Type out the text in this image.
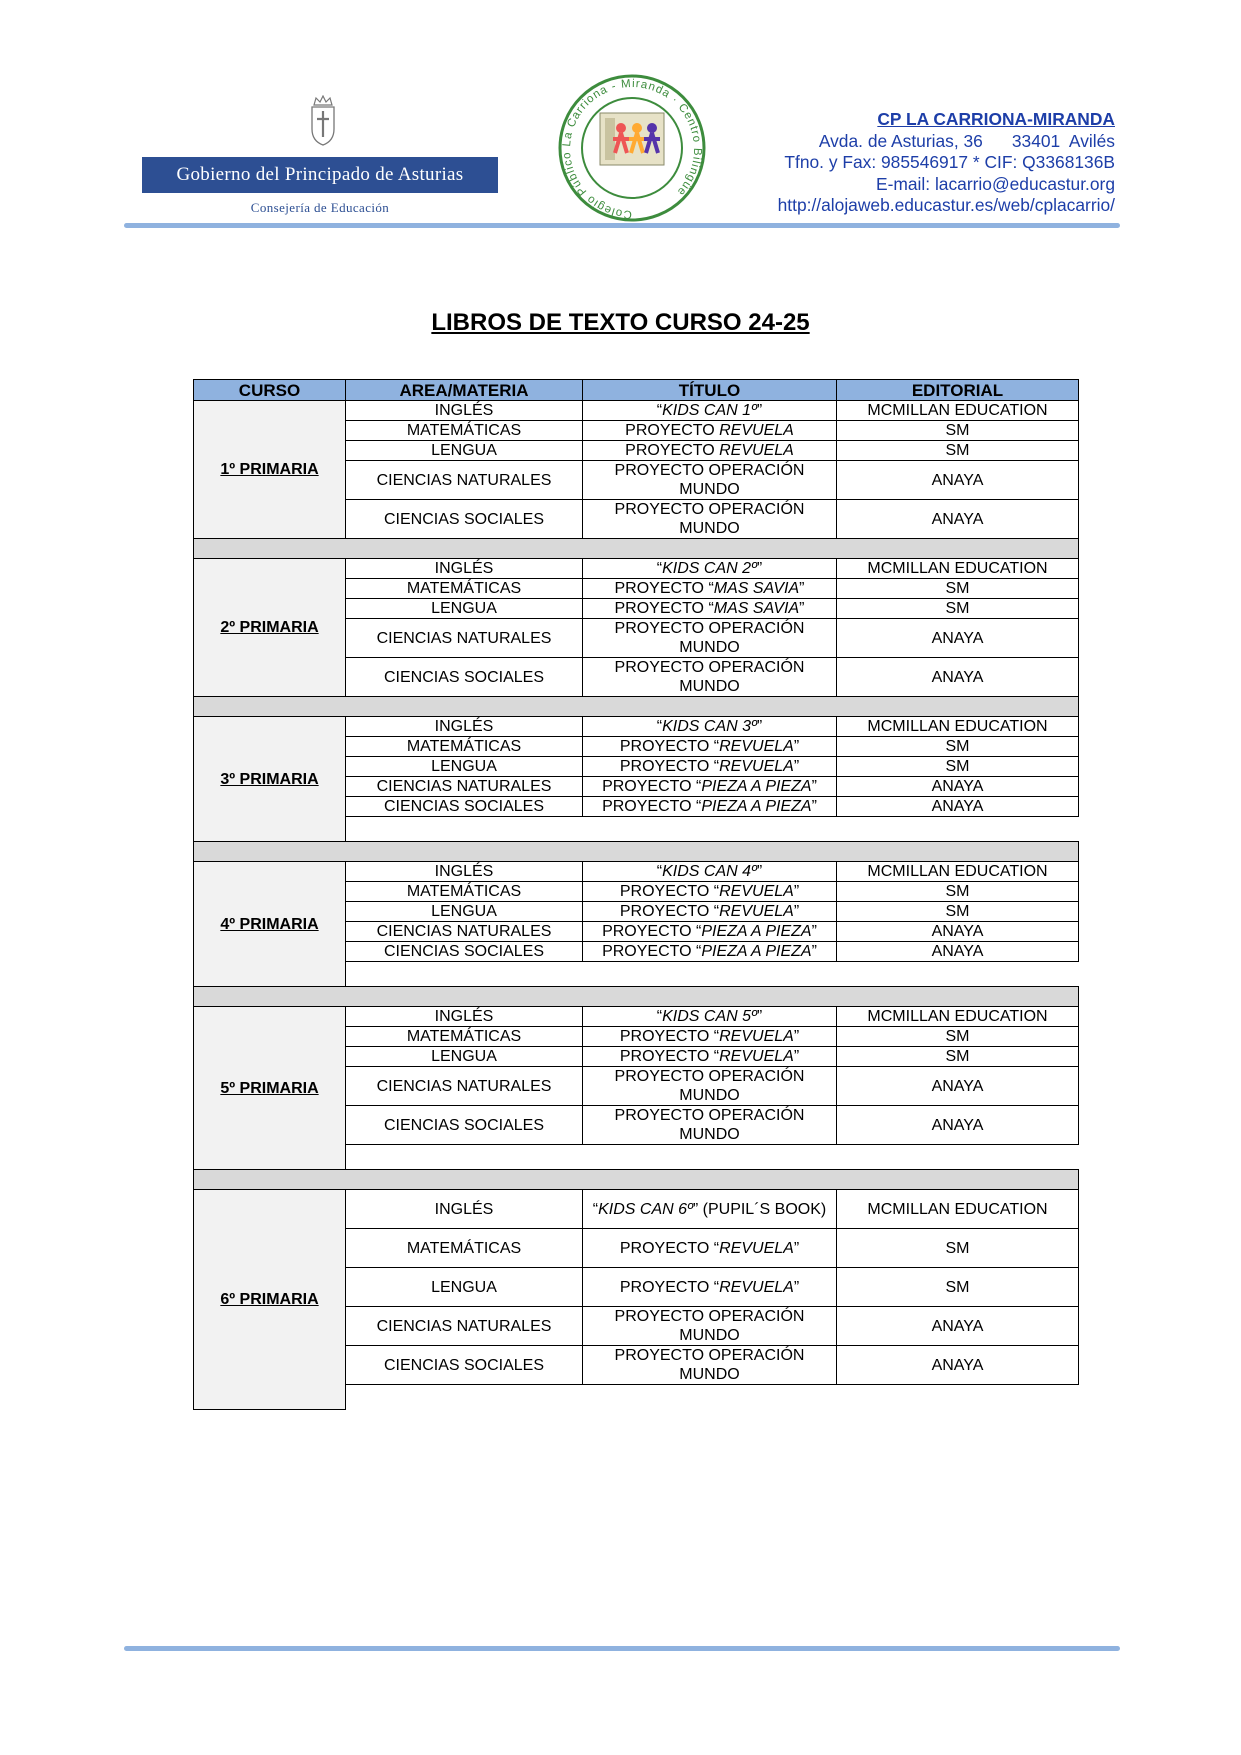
Gobierno del Principado de Asturias
Consejería de Educación	Colegio Público La Carriona - Miranda · Centro Bilingüe
CP LA CARRIONA-MIRANDA
Avda. de Asturias, 36      33401  Avilés
Tfno. y Fax: 985546917 * CIF: Q3368136B
E-mail: lacarrio@educastur.org
http://alojaweb.educastur.es/web/cplacarrio/
LIBROS DE TEXTO CURSO 24-25
CURSO	AREA/MATERIA	TÍTULO	EDITORIAL
1º PRIMARIA	INGLÉS	“KIDS CAN 1º”	MCMILLAN EDUCATION
	MATEMÁTICAS	PROYECTO REVUELA	SM
	LENGUA	PROYECTO REVUELA	SM
	CIENCIAS NATURALES	PROYECTO OPERACIÓN MUNDO	ANAYA
	CIENCIAS SOCIALES	PROYECTO OPERACIÓN MUNDO	ANAYA

2º PRIMARIA	INGLÉS	“KIDS CAN 2º”	MCMILLAN EDUCATION
	MATEMÁTICAS	PROYECTO “MAS SAVIA”	SM
	LENGUA	PROYECTO “MAS SAVIA”	SM
	CIENCIAS NATURALES	PROYECTO OPERACIÓN MUNDO	ANAYA
	CIENCIAS SOCIALES	PROYECTO OPERACIÓN MUNDO	ANAYA

3º PRIMARIA	INGLÉS	“KIDS CAN 3º”	MCMILLAN EDUCATION
	MATEMÁTICAS	PROYECTO “REVUELA”	SM
	LENGUA	PROYECTO “REVUELA”	SM
	CIENCIAS NATURALES	PROYECTO “PIEZA A PIEZA”	ANAYA
	CIENCIAS SOCIALES	PROYECTO “PIEZA A PIEZA”	ANAYA

4º PRIMARIA	INGLÉS	“KIDS CAN 4º”	MCMILLAN EDUCATION
	MATEMÁTICAS	PROYECTO “REVUELA”	SM
	LENGUA	PROYECTO “REVUELA”	SM
	CIENCIAS NATURALES	PROYECTO “PIEZA A PIEZA”	ANAYA
	CIENCIAS SOCIALES	PROYECTO “PIEZA A PIEZA”	ANAYA

5º PRIMARIA	INGLÉS	“KIDS CAN 5º”	MCMILLAN EDUCATION
	MATEMÁTICAS	PROYECTO “REVUELA”	SM
	LENGUA	PROYECTO “REVUELA”	SM
	CIENCIAS NATURALES	PROYECTO OPERACIÓN MUNDO	ANAYA
	CIENCIAS SOCIALES	PROYECTO OPERACIÓN MUNDO	ANAYA

6º PRIMARIA	INGLÉS	“KIDS CAN 6º” (PUPIL´S BOOK)	MCMILLAN EDUCATION
	MATEMÁTICAS	PROYECTO “REVUELA”	SM
	LENGUA	PROYECTO “REVUELA”	SM
	CIENCIAS NATURALES	PROYECTO OPERACIÓN MUNDO	ANAYA
	CIENCIAS SOCIALES	PROYECTO OPERACIÓN MUNDO	ANAYA
